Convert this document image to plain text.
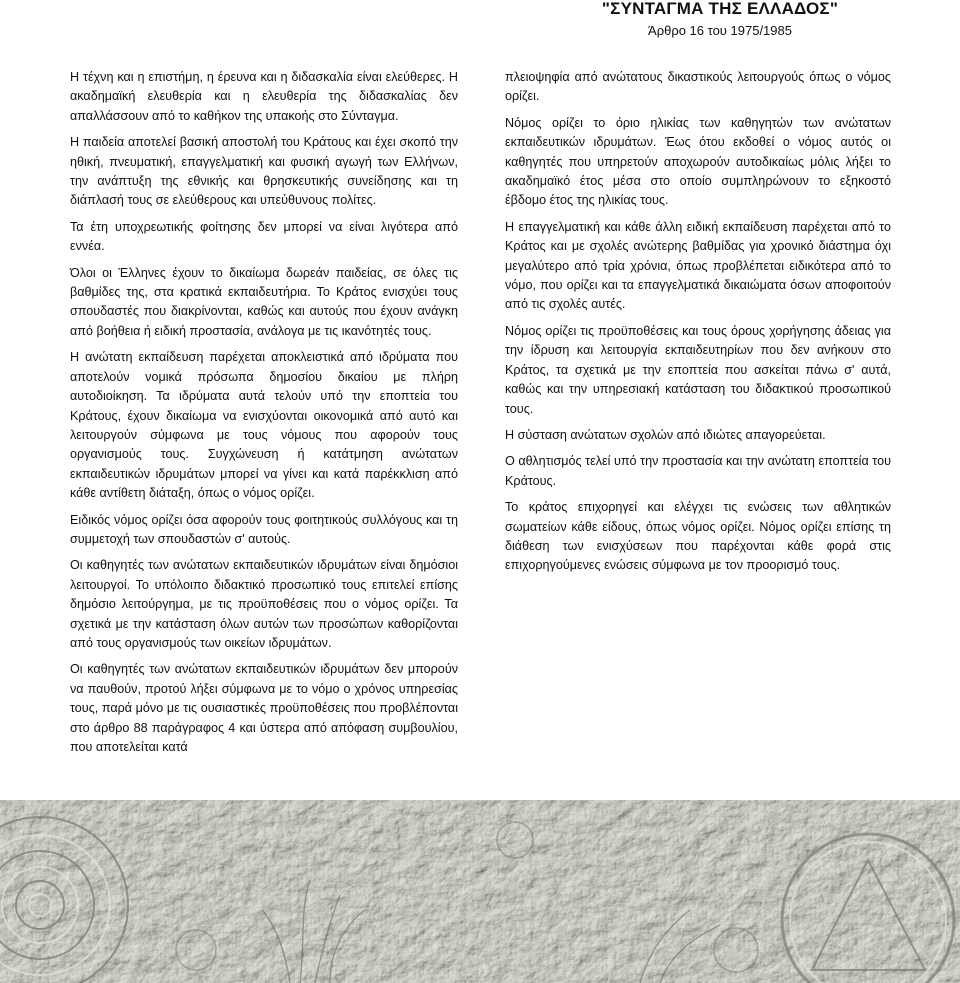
"ΣΥΝΤΑΓΜΑ ΤΗΣ ΕΛΛΑΔΟΣ"
Άρθρο 16 του 1975/1985

Η τέχνη και η επιστήμη, η έρευνα και η διδασκαλία είναι ελεύθερες. Η ακαδημαϊκή ελευθερία και η ελευθερία της διδασκαλίας δεν απαλλάσσουν από το καθήκον της υπακοής στο Σύνταγμα.

Η παιδεία αποτελεί βασική αποστολή του Κράτους και έχει σκοπό την ηθική, πνευματική, επαγγελματική και φυσική αγωγή των Ελλήνων, την ανάπτυξη της εθνικής και θρησκευτικής συνείδησης και τη διάπλασή τους σε ελεύθερους και υπεύθυνους πολίτες.

Τα έτη υποχρεωτικής φοίτησης δεν μπορεί να είναι λιγότερα από εννέα.

Όλοι οι Έλληνες έχουν το δικαίωμα δωρεάν παιδείας, σε όλες τις βαθμίδες της, στα κρατικά εκπαιδευτήρια. Το Κράτος ενισχύει τους σπουδαστές που διακρίνονται, καθώς και αυτούς που έχουν ανάγκη από βοήθεια ή ειδική προστασία, ανάλογα με τις ικανότητές τους.

Η ανώτατη εκπαίδευση παρέχεται αποκλειστικά από ιδρύματα που αποτελούν νομικά πρόσωπα δημοσίου δικαίου με πλήρη αυτοδιοίκηση. Τα ιδρύματα αυτά τελούν υπό την εποπτεία του Κράτους, έχουν δικαίωμα να ενισχύονται οικονομικά από αυτό και λειτουργούν σύμφωνα με τους νόμους που αφορούν τους οργανισμούς τους. Συγχώνευση ή κατάτμηση ανώτατων εκπαιδευτικών ιδρυμάτων μπορεί να γίνει και κατά παρέκκλιση από κάθε αντίθετη διάταξη, όπως ο νόμος ορίζει.

Ειδικός νόμος ορίζει όσα αφορούν τους φοιτητικούς συλλόγους και τη συμμετοχή των σπουδαστών σ' αυτούς.

Οι καθηγητές των ανώτατων εκπαιδευτικών ιδρυμάτων είναι δημόσιοι λειτουργοί. Το υπόλοιπο διδακτικό προσωπικό τους επιτελεί επίσης δημόσιο λειτούργημα, με τις προϋποθέσεις που ο νόμος ορίζει. Τα σχετικά με την κατάσταση όλων αυτών των προσώπων καθορίζονται από τους οργανισμούς των οικείων ιδρυμάτων.

Οι καθηγητές των ανώτατων εκπαιδευτικών ιδρυμάτων δεν μπορούν να παυθούν, προτού λήξει σύμφωνα με το νόμο ο χρόνος υπηρεσίας τους, παρά μόνο με τις ουσιαστικές προϋποθέσεις που προβλέπονται στο άρθρο 88 παράγραφος 4 και ύστερα από απόφαση συμβουλίου, που αποτελείται κατά

πλειοψηφία από ανώτατους δικαστικούς λειτουργούς όπως ο νόμος ορίζει.

Νόμος ορίζει το όριο ηλικίας των καθηγητών των ανώτατων εκπαιδευτικών ιδρυμάτων. Έως ότου εκδοθεί ο νόμος αυτός οι καθηγητές που υπηρετούν αποχωρούν αυτοδικαίως μόλις λήξει το ακαδημαϊκό έτος μέσα στο οποίο συμπληρώνουν το εξηκοστό έβδομο έτος της ηλικίας τους.

Η επαγγελματική και κάθε άλλη ειδική εκπαίδευση παρέχεται από το Κράτος και με σχολές ανώτερης βαθμίδας για χρονικό διάστημα όχι μεγαλύτερο από τρία χρόνια, όπως προβλέπεται ειδικότερα από το νόμο, που ορίζει και τα επαγγελματικά δικαιώματα όσων αποφοιτούν από τις σχολές αυτές.

Νόμος ορίζει τις προϋποθέσεις και τους όρους χορήγησης άδειας για την ίδρυση και λειτουργία εκπαιδευτηρίων που δεν ανήκουν στο Κράτος, τα σχετικά με την εποπτεία που ασκείται πάνω σ' αυτά, καθώς και την υπηρεσιακή κατάσταση του διδακτικού προσωπικού τους.

Η σύσταση ανώτατων σχολών από ιδιώτες απαγορεύεται.

Ο αθλητισμός τελεί υπό την προστασία και την ανώτατη εποπτεία του Κράτους.

Το κράτος επιχορηγεί και ελέγχει τις ενώσεις των αθλητικών σωματείων κάθε είδους, όπως νόμος ορίζει. Νόμος ορίζει επίσης τη διάθεση των ενισχύσεων που παρέχονται κάθε φορά στις επιχορηγούμενες ενώσεις σύμφωνα με τον προορισμό τους.
